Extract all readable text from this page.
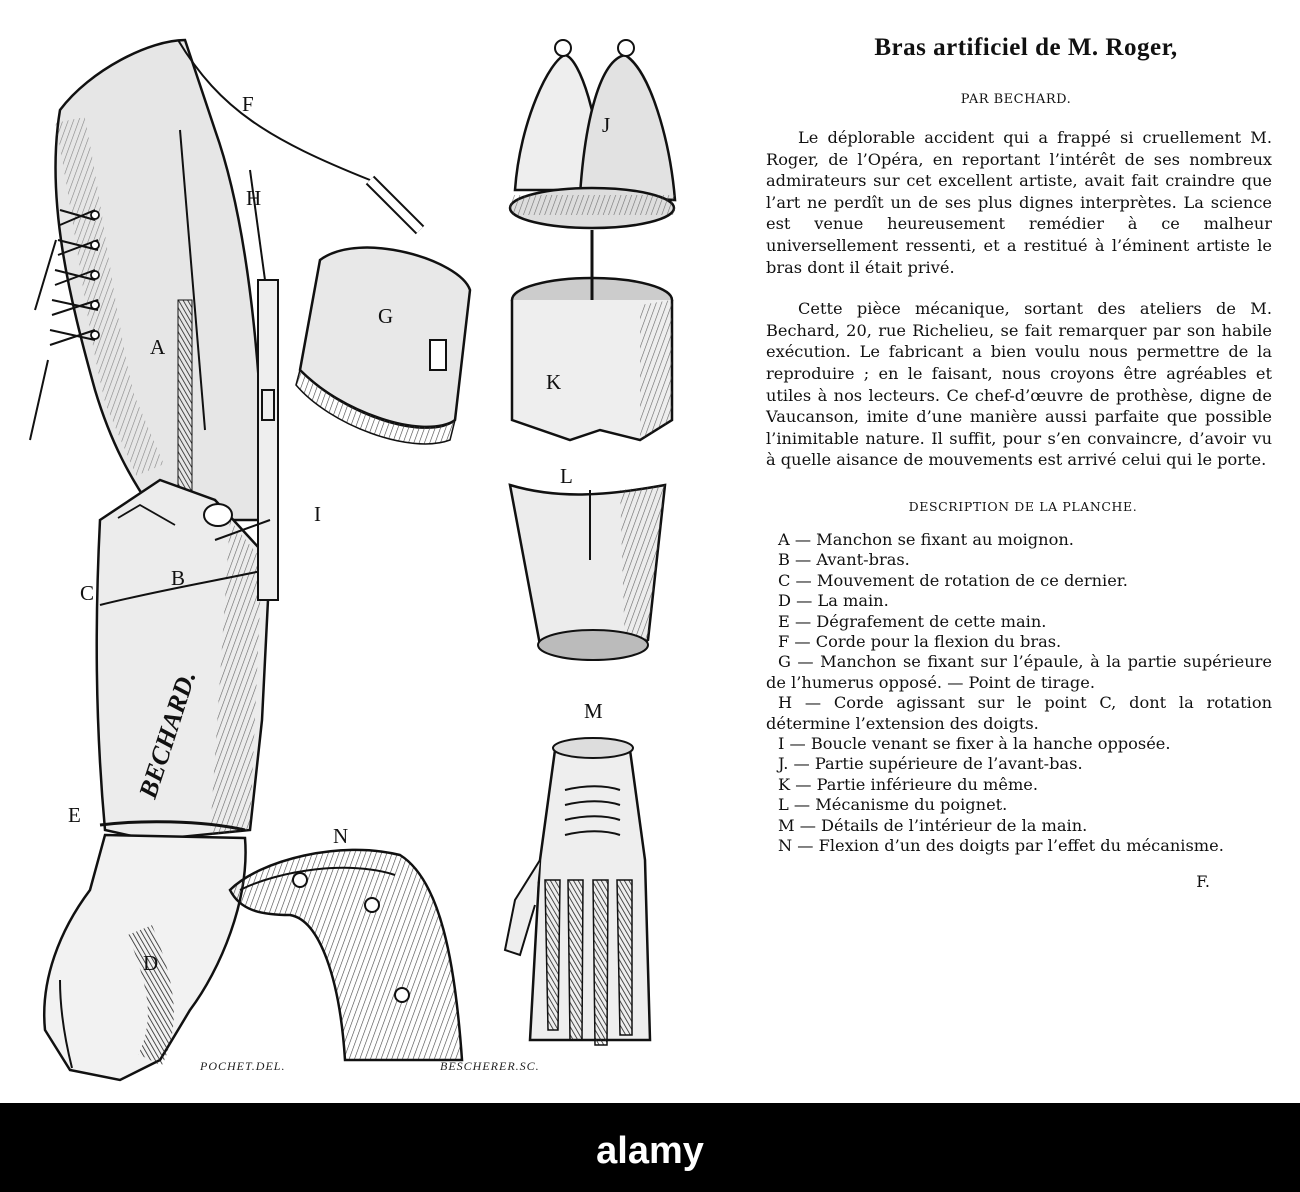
BECHARD.
F
H
A
G
I
B
C
E
D
J
K
L
M
N
POCHET.DEL.	BESCHERER.SC.
Bras artificiel de M. Roger,
PAR BECHARD.
Le déplorable accident qui a frappé si cruellement M. Roger, de l’Opéra, en reportant l’intérêt de ses nombreux admirateurs sur cet excellent artiste, avait fait craindre que l’art ne perdît un de ses plus dignes interprètes. La science est venue heureusement remédier à ce malheur universellement ressenti, et a restitué à l’éminent artiste le bras dont il était privé.
Cette pièce mécanique, sortant des ateliers de M. Bechard, 20, rue Richelieu, se fait remarquer par son habile exécution. Le fabricant a bien voulu nous permettre de la reproduire ; en le faisant, nous croyons être agréables et utiles à nos lecteurs. Ce chef-d’œuvre de prothèse, digne de Vaucanson, imite d’une manière aussi parfaite que possible l’inimitable nature. Il suffit, pour s’en convaincre, d’avoir vu à quelle aisance de mouvements est arrivé celui qui le porte.
DESCRIPTION DE LA PLANCHE.
A — Manchon se fixant au moignon.
B — Avant-bras.
C — Mouvement de rotation de ce dernier.
D — La main.
E — Dégrafement de cette main.
F — Corde pour la flexion du bras.
G — Manchon se fixant sur l’épaule, à la partie supérieure de l’humerus opposé. — Point de tirage.
H — Corde agissant sur le point C, dont la rotation détermine l’extension des doigts.
I — Boucle venant se fixer à la hanche opposée.
J. — Partie supérieure de l’avant-bas.
K — Partie inférieure du même.
L — Mécanisme du poignet.
M — Détails de l’intérieur de la main.
N — Flexion d’un des doigts par l’effet du mécanisme.
F.
alamy
